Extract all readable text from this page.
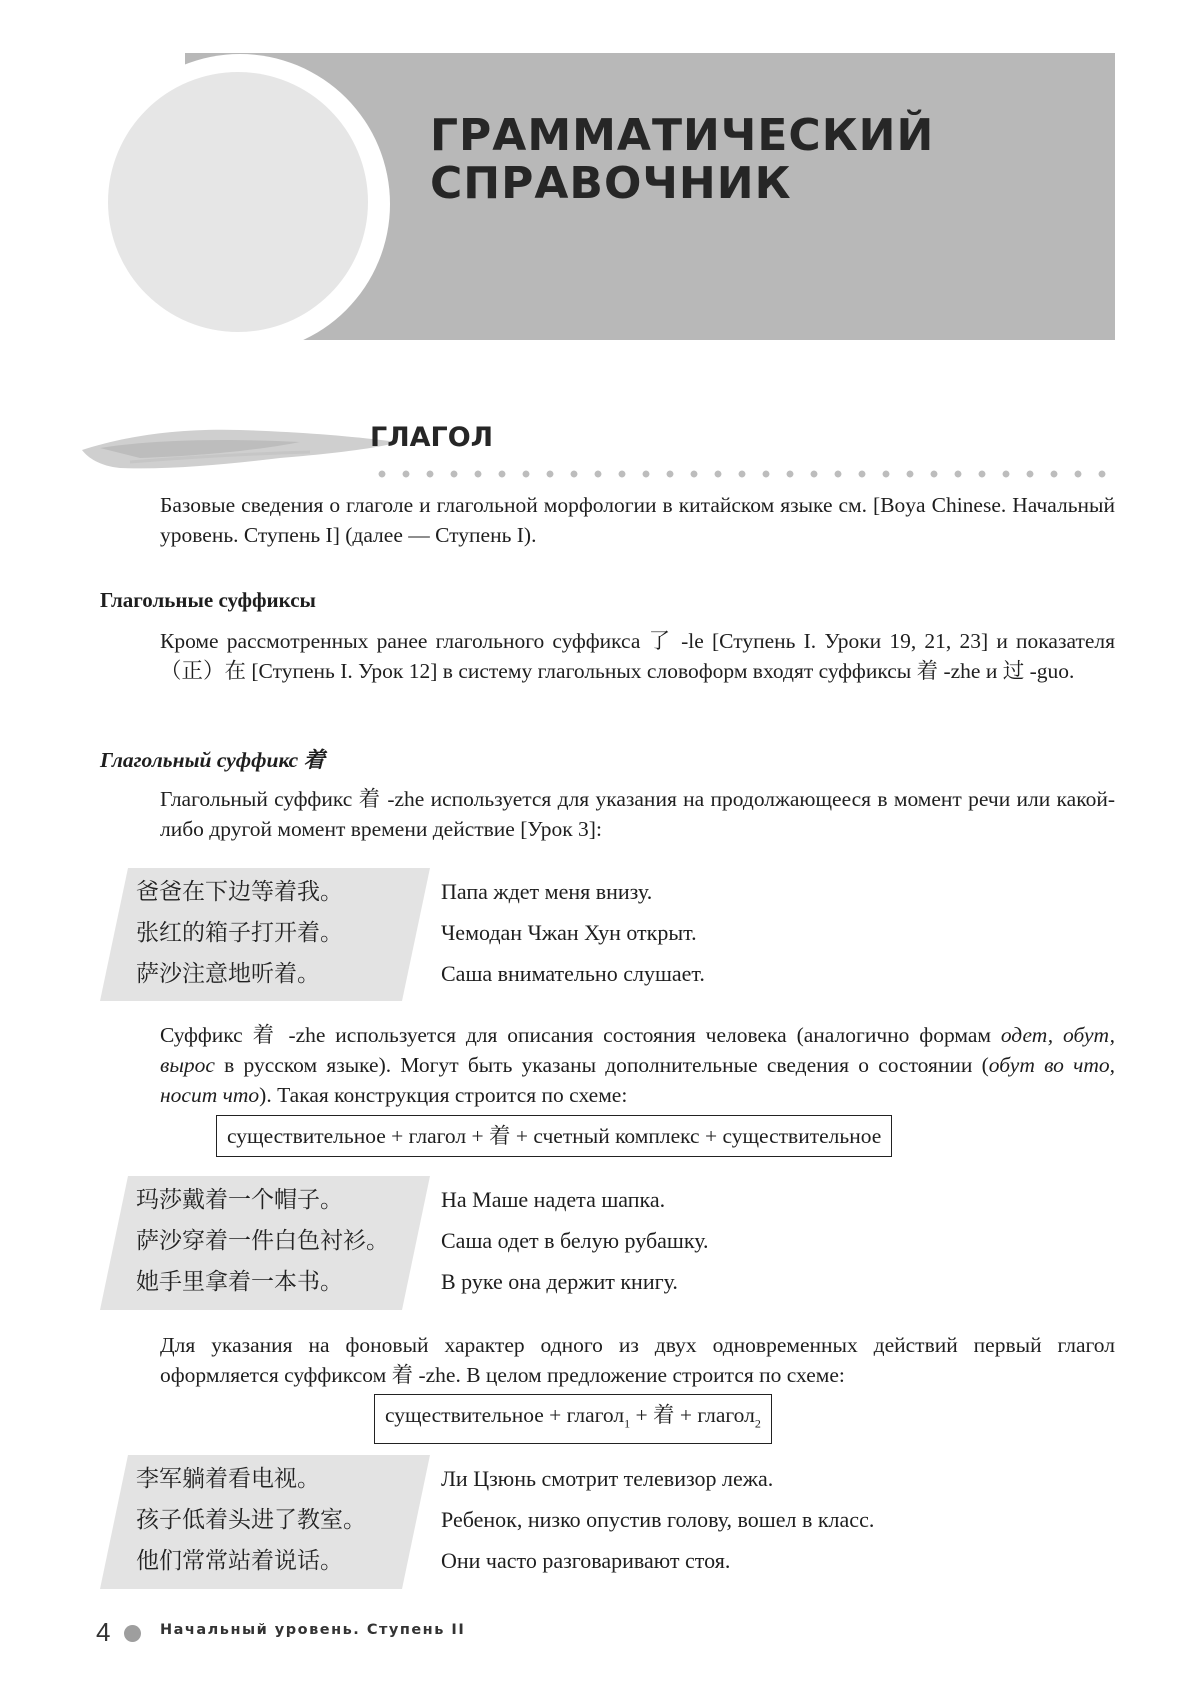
ГРАММАТИЧЕСКИЙ
СПРАВОЧНИК
ГЛАГОЛ

Базовые сведения о глаголе и глагольной морфологии в китайском языке см. [Boya Chinese. Начальный уровень. Ступень I] (далее — Ступень I).

Глагольные суффиксы

Кроме рассмотренных ранее глагольного суффикса 了 -le [Ступень I. Уроки 19, 21, 23] и показателя （正）在 [Ступень I. Урок 12] в систему глагольных словоформ входят суффиксы 着 -zhe и 过 -guo.

Глагольный суффикс 着

Глагольный суффикс 着 -zhe используется для указания на продолжающееся в момент речи или какой-либо другой момент времени действие [Урок 3]:

爸爸在下边等着我。	Папа ждет меня внизу.
张红的箱子打开着。	Чемодан Чжан Хун открыт.
萨沙注意地听着。	Саша внимательно слушает.

Суффикс 着 -zhe используется для описания состояния человека (аналогично формам одет, обут, вырос в русском языке). Могут быть указаны дополнительные сведения о состоянии (обут во что, носит что). Такая конструкция строится по схеме:

существительное + глагол + 着 + счетный комплекс + существительное
玛莎戴着一个帽子。	На Маше надета шапка.
萨沙穿着一件白色衬衫。 Саша одет в белую рубашку.
她手里拿着一本书。	В руке она держит книгу.

Для указания на фоновый характер одного из двух одновременных действий первый глагол оформляется суффиксом 着 -zhe. В целом предложение строится по схеме:

существительное + глагол$_1$ + 着 + глагол$_2$
李军躺着看电视。	Ли Цзюнь смотрит телевизор лежа.
孩子低着头进了教室。	Ребенок, низко опустив голову, вошел в класс.
他们常常站着说话。	Они часто разговаривают стоя.
4	Начальный уровень. Ступень II
